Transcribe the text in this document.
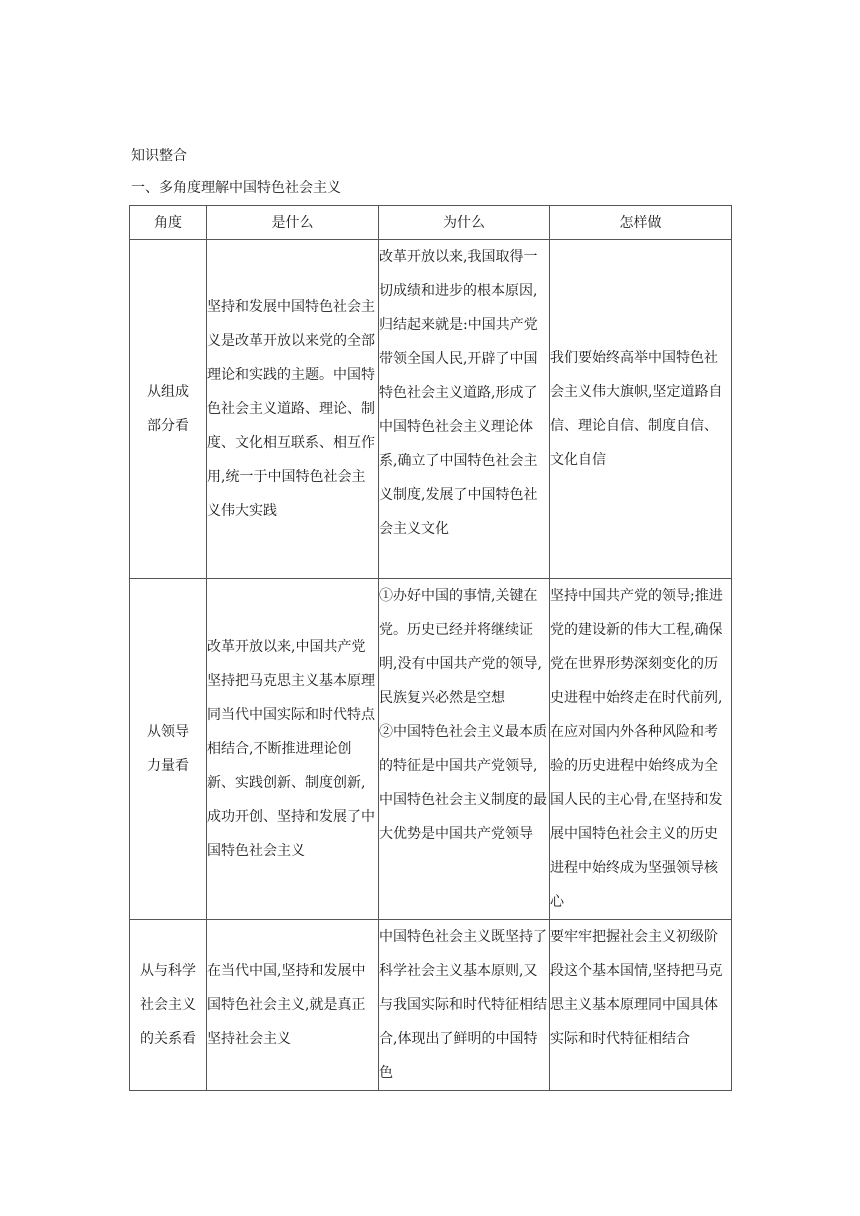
知识整合
一、多角度理解中国特色社会主义
角度	是什么	为什么	怎样做
从组成
部分看	坚持和发展中国特色社会主义是改革开放以来党的全部理论和实践的主题。中国特色社会主义道路、理论、制度、文化相互联系、相互作用,统一于中国特色社会主义伟大实践	改革开放以来,我国取得一切成绩和进步的根本原因,归结起来就是:中国共产党带领全国人民,开辟了中国特色社会主义道路,形成了中国特色社会主义理论体系,确立了中国特色社会主义制度,发展了中国特色社会主义文化	我们要始终高举中国特色社会主义伟大旗帜,坚定道路自信、理论自信、制度自信、文化自信
从领导
力量看	改革开放以来,中国共产党坚持把马克思主义基本原理同当代中国实际和时代特点相结合,不断推进理论创新、实践创新、制度创新,成功开创、坚持和发展了中国特色社会主义	①办好中国的事情,关键在党。历史已经并将继续证明,没有中国共产党的领导,民族复兴必然是空想
②中国特色社会主义最本质的特征是中国共产党领导,中国特色社会主义制度的最大优势是中国共产党领导	坚持中国共产党的领导;推进党的建设新的伟大工程,确保党在世界形势深刻变化的历史进程中始终走在时代前列,在应对国内外各种风险和考验的历史进程中始终成为全国人民的主心骨,在坚持和发展中国特色社会主义的历史进程中始终成为坚强领导核心
从与科学
社会主义
的关系看	在当代中国,坚持和发展中国特色社会主义,就是真正坚持社会主义	中国特色社会主义既坚持了科学社会主义基本原则,又与我国实际和时代特征相结合,体现出了鲜明的中国特色	要牢牢把握社会主义初级阶段这个基本国情,坚持把马克思主义基本原理同中国具体实际和时代特征相结合
